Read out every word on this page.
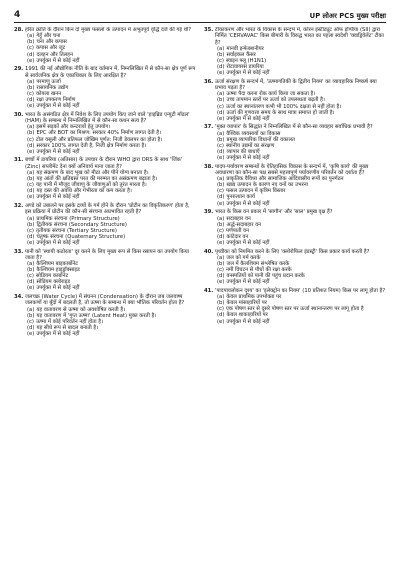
4	UP लोअर PCS मुख्य परीक्षा
28. हरित क्रांति के दौरान किन दो मुख्य फसलों के उत्पादन में अभूतपूर्व वृद्धि दर्ज की गई थी?
(a) गेहूँ और चना
(b) चना और कपास
(c) कपास और जूट
(d) दलहन और तिलहन
(e) उपर्युक्त में से कोई नहीं
29. 1991 की नई औद्योगिक नीति के बाद वर्तमान में, निम्नलिखित में से कौन-सा क्षेत्र पूर्ण रूप से सार्वजनिक क्षेत्र के एकाधिकार के लिए आरक्षित है?
(a) परमाणु ऊर्जा
(b) रासायनिक उद्योग
(c) कोयला खनन
(d) रक्षा उपकरण निर्माण
(e) उपर्युक्त में से कोई नहीं
30. भारत के असंगठित क्षेत्र में निवेश के लिए उपयोग किए जाने वाले 'हाइब्रिड एन्युटी मॉडल' (HAM) के सम्बन्ध में निम्नलिखित में से कौन-सा कथन सत्य है?
(a) इसमें सड़कों और कन्टरावों हेतु उपयोग।
(b) EPC और BOT का मिश्रण: सरकार 40% निर्माण लागत देती है।
(c) टोल वसूली और प्रतिफल जोखिम पूर्णत: निजी डेवलपर का होता है।
(d) सरकार 100% लागत देती है, निजी क्षेत्र निर्माण करता है।
(e) उपर्युक्त में से कोई नहीं
31. बच्चों में डायरिया (अतिसार) के उपचार के दौरान WHO द्वारा ORS के साथ 'जिंक' (Zinc) सप्लीमेंट देना क्यों अनिवार्य माना जाता है?
(a) यह संक्रमण के बाद भूख को मीठा और पीने योग्य बनाता है।
(b) यह आंतों की क्षतिग्रस्त परत की मरम्मत का असंक्रमण बढ़ाता है।
(c) यह पानी में मौजूद जीवाणु के जीवाणुओं को तुरंत मारता है।
(d) यह दस्त की अवधि और गंभीरता को कम करता है।
(e) उपर्युक्त में से कोई नहीं
32. अण्डे को उबालने पर इसके द्रव्यों के गर्म होने के दौरान 'प्रोटीन का विकृतिकरण' होता है, इस प्रक्रिया में प्रोटीन की कौन-सी संरचना अप्रभावित रहती है?
(a) प्राथमिक संरचना (Primary Structure)
(b) द्वितीयक संरचना (Secondary Structure)
(c) तृतीयक संरचना (Tertiary Structure)
(d) चतुष्क संरचना (Quaternary Structure)
(e) उपर्युक्त में से कोई नहीं
33. पानी को 'स्थायी कठोरता' दूर करने के लिए मुख्य रूप से किस रसायन का उपयोग किया जाता है?
(a) कैल्शियम बाइकार्बोनेट
(b) कैल्शियम हाइड्रॉक्साइड
(c) सोडियम कार्बोनेट
(d) सोडियम क्लोराइड
(e) उपर्युक्त में से कोई नहीं
34. जलचक्र (Water Cycle) में संघनन (Condensation) के दौरान जब जलवाष्प जलकणों या बूँदों में बदलती है, तो ऊष्मा के सम्बन्ध में क्या भौतिक परिवर्तन होता है?
(a) यह वातावरण से ऊष्मा को अवशोषित करती है।
(b) यह वातावरण में 'गुप्त ऊष्मा' (Latent Heat) मुक्त करती है।
(c) ऊष्मा में कोई परिवर्तन नहीं होता है।
(d) यह सीधे रूप से बादल बनाती है।
(e) उपर्युक्त में से कोई नहीं
35. टीकाकरण और भारत के विकास के सन्दर्भ में, कोरन इंस्टीट्यूट ऑफ इण्डिया (SII) द्वारा निर्मित 'CERVAVAC' किस बीमारी के विरुद्ध भारत का पहला स्वदेशी 'क्वाड्रिवेलेंट' टीका है?
(a) मानवी इन्फेक्शनीयर
(b) सर्वाइकल कैंसर
(c) स्वाइन फ्लू (H1N1)
(d) रोटावायरस डायरिया
(e) उपर्युक्त में से कोई नहीं
36. ऊर्जा संरक्षण के सन्दर्भ में, 'ऊष्मागतिकी के द्वितीय नियम' का व्यावहारिक निष्कर्ष क्या प्रभाव पड़ता है?
(a) ऊष्मा पैदा करना रोक कार्य किया जा सकता है।
(b) उच्च तापमान स्तरों पर ऊर्जा को उपलब्धता बढ़ती है।
(c) ऊर्जा का स्थानांतरण कभी भी 100% दक्षता से नहीं होता है।
(d) ऊर्जा की गुणवत्ता समय के साथ मात्रा समाप्त हो जाती है।
(e) उपर्युक्त में से कोई नहीं
37. 'मुक्त व्यापार' के सिद्धांत ने निम्नलिखित में से कौन-सा व्यवहार सर्वाधिक प्रभावी है?
(a) वैश्विक व्यवसायों का विकास
(b) प्रमुख व्यापारिक विधानों की वकालत
(c) स्थानीय उद्यमों का संरक्षण
(d) व्यापार की बाधाएँ
(e) उपर्युक्त में से कोई नहीं
38. पादप-पर्यावरण सम्बन्धों के ऐतिहासिक विकास के सन्दर्भ में, 'कृषि कार्य' की मुख्य अवधारणा का कौन-सा पक्ष सबसे महत्त्वपूर्ण पर्यावरणीय परिवर्तन को दर्शाता है?
(a) प्राकृतिक वैविध्य और सामाजिक आदिवासीय रूपों का पुनर्गठन
(b) खाद्य उत्पादन के कारण नए वनों का उभरना
(c) फसल उत्पादन में कृत्रिम विस्तार
(d) पुनरुत्थान कार्य
(e) उपर्युक्त में से कोई नहीं
39. भारत के किस वन प्रकार में 'सागौन' और 'साल' प्रमुख वृक्ष हैं?
(a) सदाबहार वन
(b) अर्द्ध-सदाबहार वन
(c) पर्णपाती वन
(d) कांटेदार वन
(e) उपर्युक्त में से कोई नहीं
40. पृथ्वीका को नियमित करने के लिए 'क्लोरोफिल इंडस्ट्री' किस प्रकार कार्य करती है?
(a) जल को गर्म करके
(b) जल में कैलशियम संश्लेषित करके
(c) नमी विघटन से पौधों की रक्षा करके
(d) वनस्पतियों को पानी की पहुंच प्रदान करके
(e) उपर्युक्त में से कोई नहीं
41. 'पादपावलोकन दृश्य' का 'इलेक्ट्रोन का नियम' (10 प्रतिशत नियम) किस पर लागू होता है?
(a) केवल प्राथमिक उपभोक्ता पर
(b) केवल मांसाहारियों पर
(c) एक पोषण स्तर से दूसरे पोषण स्तर पर ऊर्जा स्थानान्तरण पर लागू होता है
(d) केवल शाकाहारियों पर
(e) उपर्युक्त में से कोई नहीं
